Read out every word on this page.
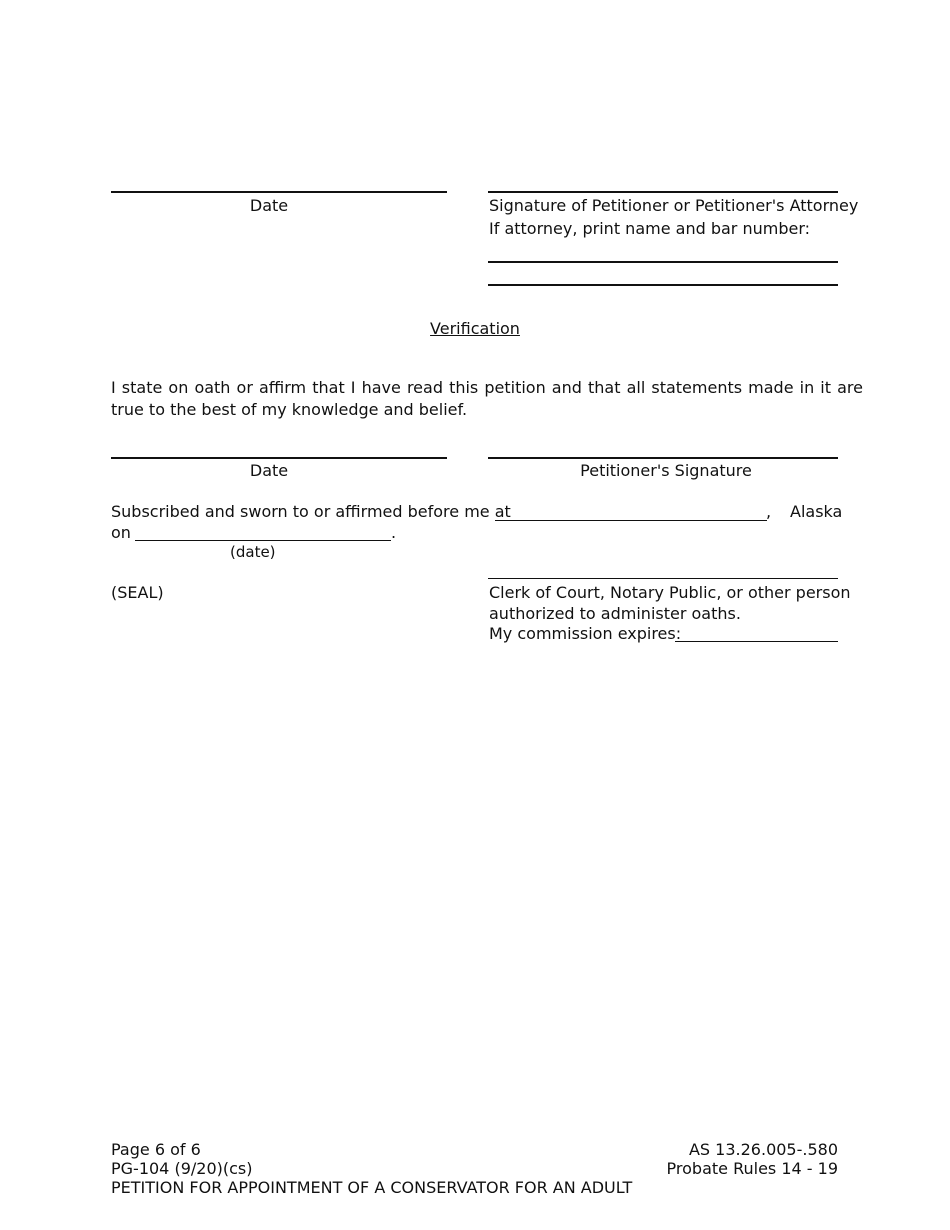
Date	Signature of Petitioner or Petitioner's Attorney
If attorney, print name and bar number:
Verification
I state on oath or affirm that I have read this petition and that all statements made in it are
true to the best of my knowledge and belief.
Date	Petitioner's Signature
Subscribed and sworn to or affirmed before me at	, Alaska
on	.
(date)
(SEAL)	Clerk of Court, Notary Public, or other person
authorized to administer oaths.
My commission expires:
Page 6 of 6
PG-104 (9/20)(cs)
PETITION FOR APPOINTMENT OF A CONSERVATOR FOR AN ADULT
AS 13.26.005-.580
Probate Rules 14 - 19
